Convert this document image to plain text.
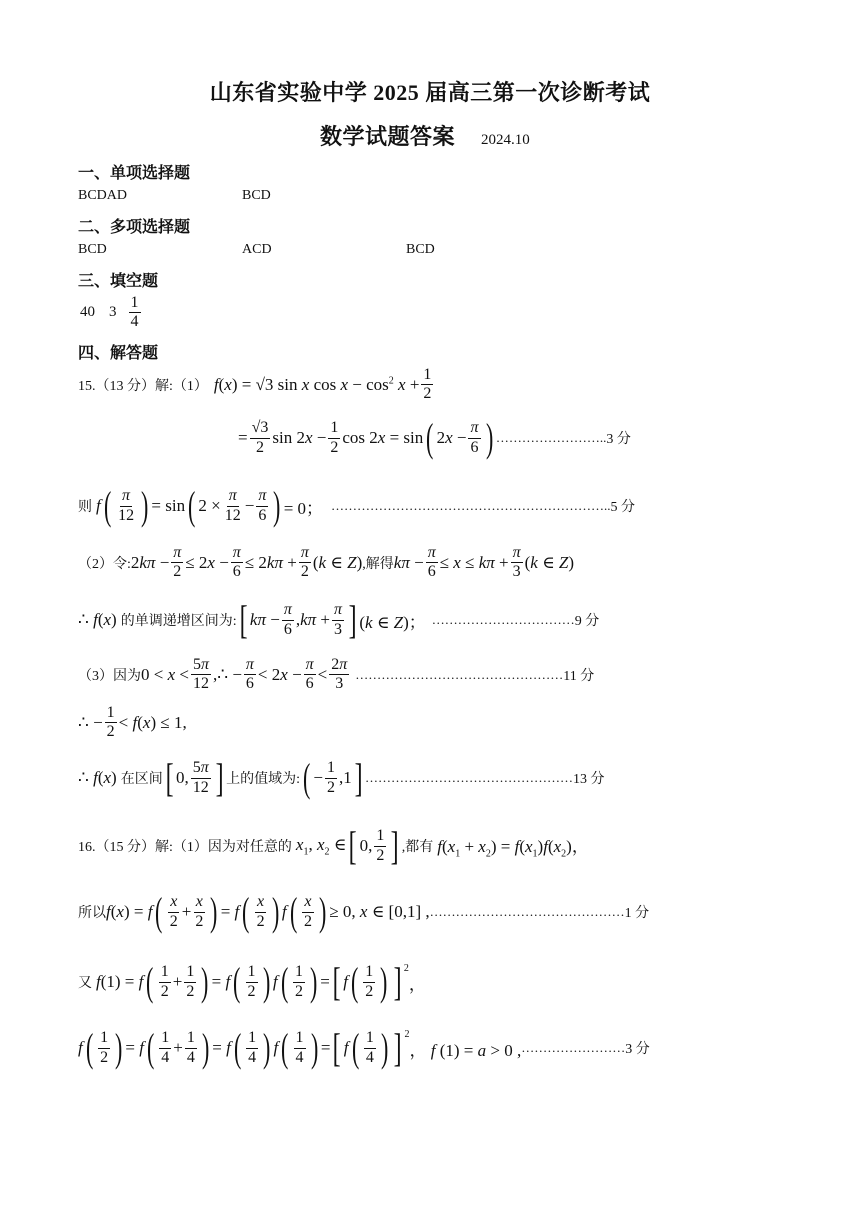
山东省实验中学 2025 届高三第一次诊断考试
数学试题答案 2024.10
一、单项选择题
BCDAD	BCD
二、多项选择题
BCD	ACD	BCD
三、填空题
40 $3 \frac{1}{4}$
四、解答题
15.（13 分）解:（1） f(x) = √3 sin x $\cos x - \cos^2 x + \frac{1}{2}$
= $\frac{√3}{2}$ $\sin 2x - \frac{1}{2}$ cos 2x = sin ( $2x - \frac{\pi}{6}$ ) …………………….. 3 分
则 f ( $\frac{\pi}{12}$ ) = sin ( $2 \times \frac{\pi}{12} - \frac{\pi}{6}$ ) = 0； ……………………………………………………….. 5 分
（2）令: $2k\pi - \frac{\pi}{2} \le 2x - \frac{\pi}{6} \le 2k\pi + \frac{\pi}{2} (k$ ∈ Z) ,解得 $k\pi - \frac{\pi}{6} \le x \le k\pi + \frac{\pi}{3} (k$ ∈ Z)
∴ f(x) 的单调递增区间为: [ $k\pi - \frac{\pi}{6} ,k\pi + \frac{\pi}{3}$ ] (k ∈ Z)； …………………………… 9 分
（3）因为 $0 < x < \frac{5\pi}{12}$ ,∴ − $\frac{\pi}{6} < 2x - \frac{\pi}{6} < \frac{2\pi}{3}$ ………………………………………… 11 分
∴ − $\frac{1}{2} < f(x) \le 1$,
∴ f(x) 在区间 [ 0, $\frac{5\pi}{12}$ ] 上的值域为: ( − $\frac{1}{2} ,1$ ] ………………………………………… 13 分
16.（15 分）解:（1）因为对任意的 $x_1$, $x_2$ ∈ [ 0, $\frac{1}{2}$ ] ,都有 $f(x_1 + x_2) = f(x_1)f(x_2)$，
所以 f(x) = f ( $\frac{x}{2} + \frac{x}{2}$ ) = f ( $\frac{x}{2}$ ) f ( $\frac{x}{2}$ ) ≥ 0, x ∈ [0,1] , ……………………………………… 1 分
又 f(1) = f ( $\frac{1}{2} + \frac{1}{2}$ ) = f ( $\frac{1}{2}$ ) f ( $\frac{1}{2}$ ) = [ f ( $\frac{1}{2}$ ) ] 2
，
f ( $\frac{1}{2}$ ) = f ( $\frac{1}{4} + \frac{1}{4}$ ) = f ( $\frac{1}{4}$ ) f ( $\frac{1}{4}$ ) = [ f ( $\frac{1}{4}$ ) ] 2
， f (1) = a > 0 , …………………… 3 分
